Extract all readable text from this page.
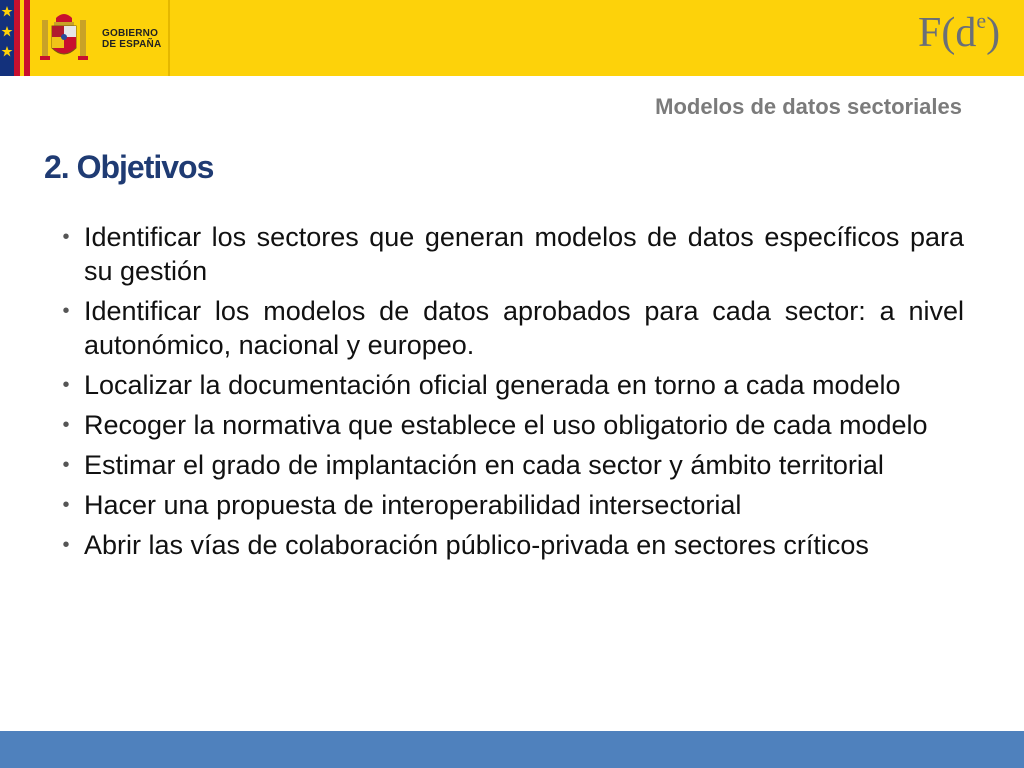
GOBIERNO
DE ESPAÑA	$F(d^e)$
Modelos de datos sectoriales
2. Objetivos
• Identificar los sectores que generan modelos de datos específicos para su gestión
• Identificar los modelos de datos aprobados para cada sector: a nivel autonómico, nacional y europeo.
• Localizar la documentación oficial generada en torno a cada modelo
• Recoger la normativa que establece el uso obligatorio de cada modelo
• Estimar el grado de implantación en cada sector y ámbito territorial
• Hacer una propuesta de interoperabilidad intersectorial
• Abrir las vías de colaboración público-privada en sectores críticos
